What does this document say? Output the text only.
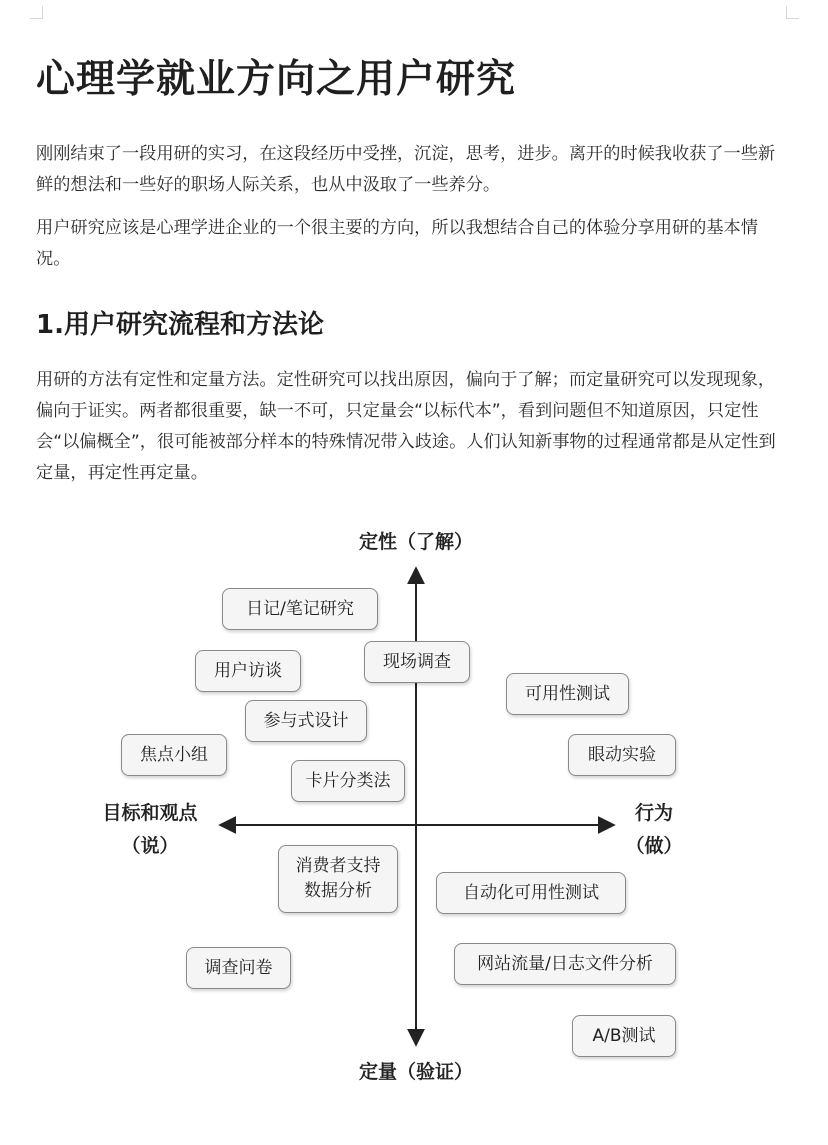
心理学就业方向之用户研究

刚刚结束了一段用研的实习，在这段经历中受挫，沉淀，思考，进步。离开的时候我收获了一些新鲜的想法和一些好的职场人际关系，也从中汲取了一些养分。

用户研究应该是心理学进企业的一个很主要的方向，所以我想结合自己的体验分享用研的基本情况。

1.用户研究流程和方法论

用研的方法有定性和定量方法。定性研究可以找出原因，偏向于了解；而定量研究可以发现现象，偏向于证实。两者都很重要，缺一不可，只定量会“以标代本”，看到问题但不知道原因，只定性会“以偏概全”，很可能被部分样本的特殊情况带入歧途。人们认知新事物的过程通常都是从定性到定量，再定性再定量。

定性（了解）
定量（验证）
目标和观点
（说）
行为
（做）
日记/笔记研究
现场调查
用户访谈
可用性测试
参与式设计
焦点小组	眼动实验
卡片分类法
消费者支持
数据分析	自动化可用性测试
调查问卷	网站流量/日志文件分析
A/B测试
